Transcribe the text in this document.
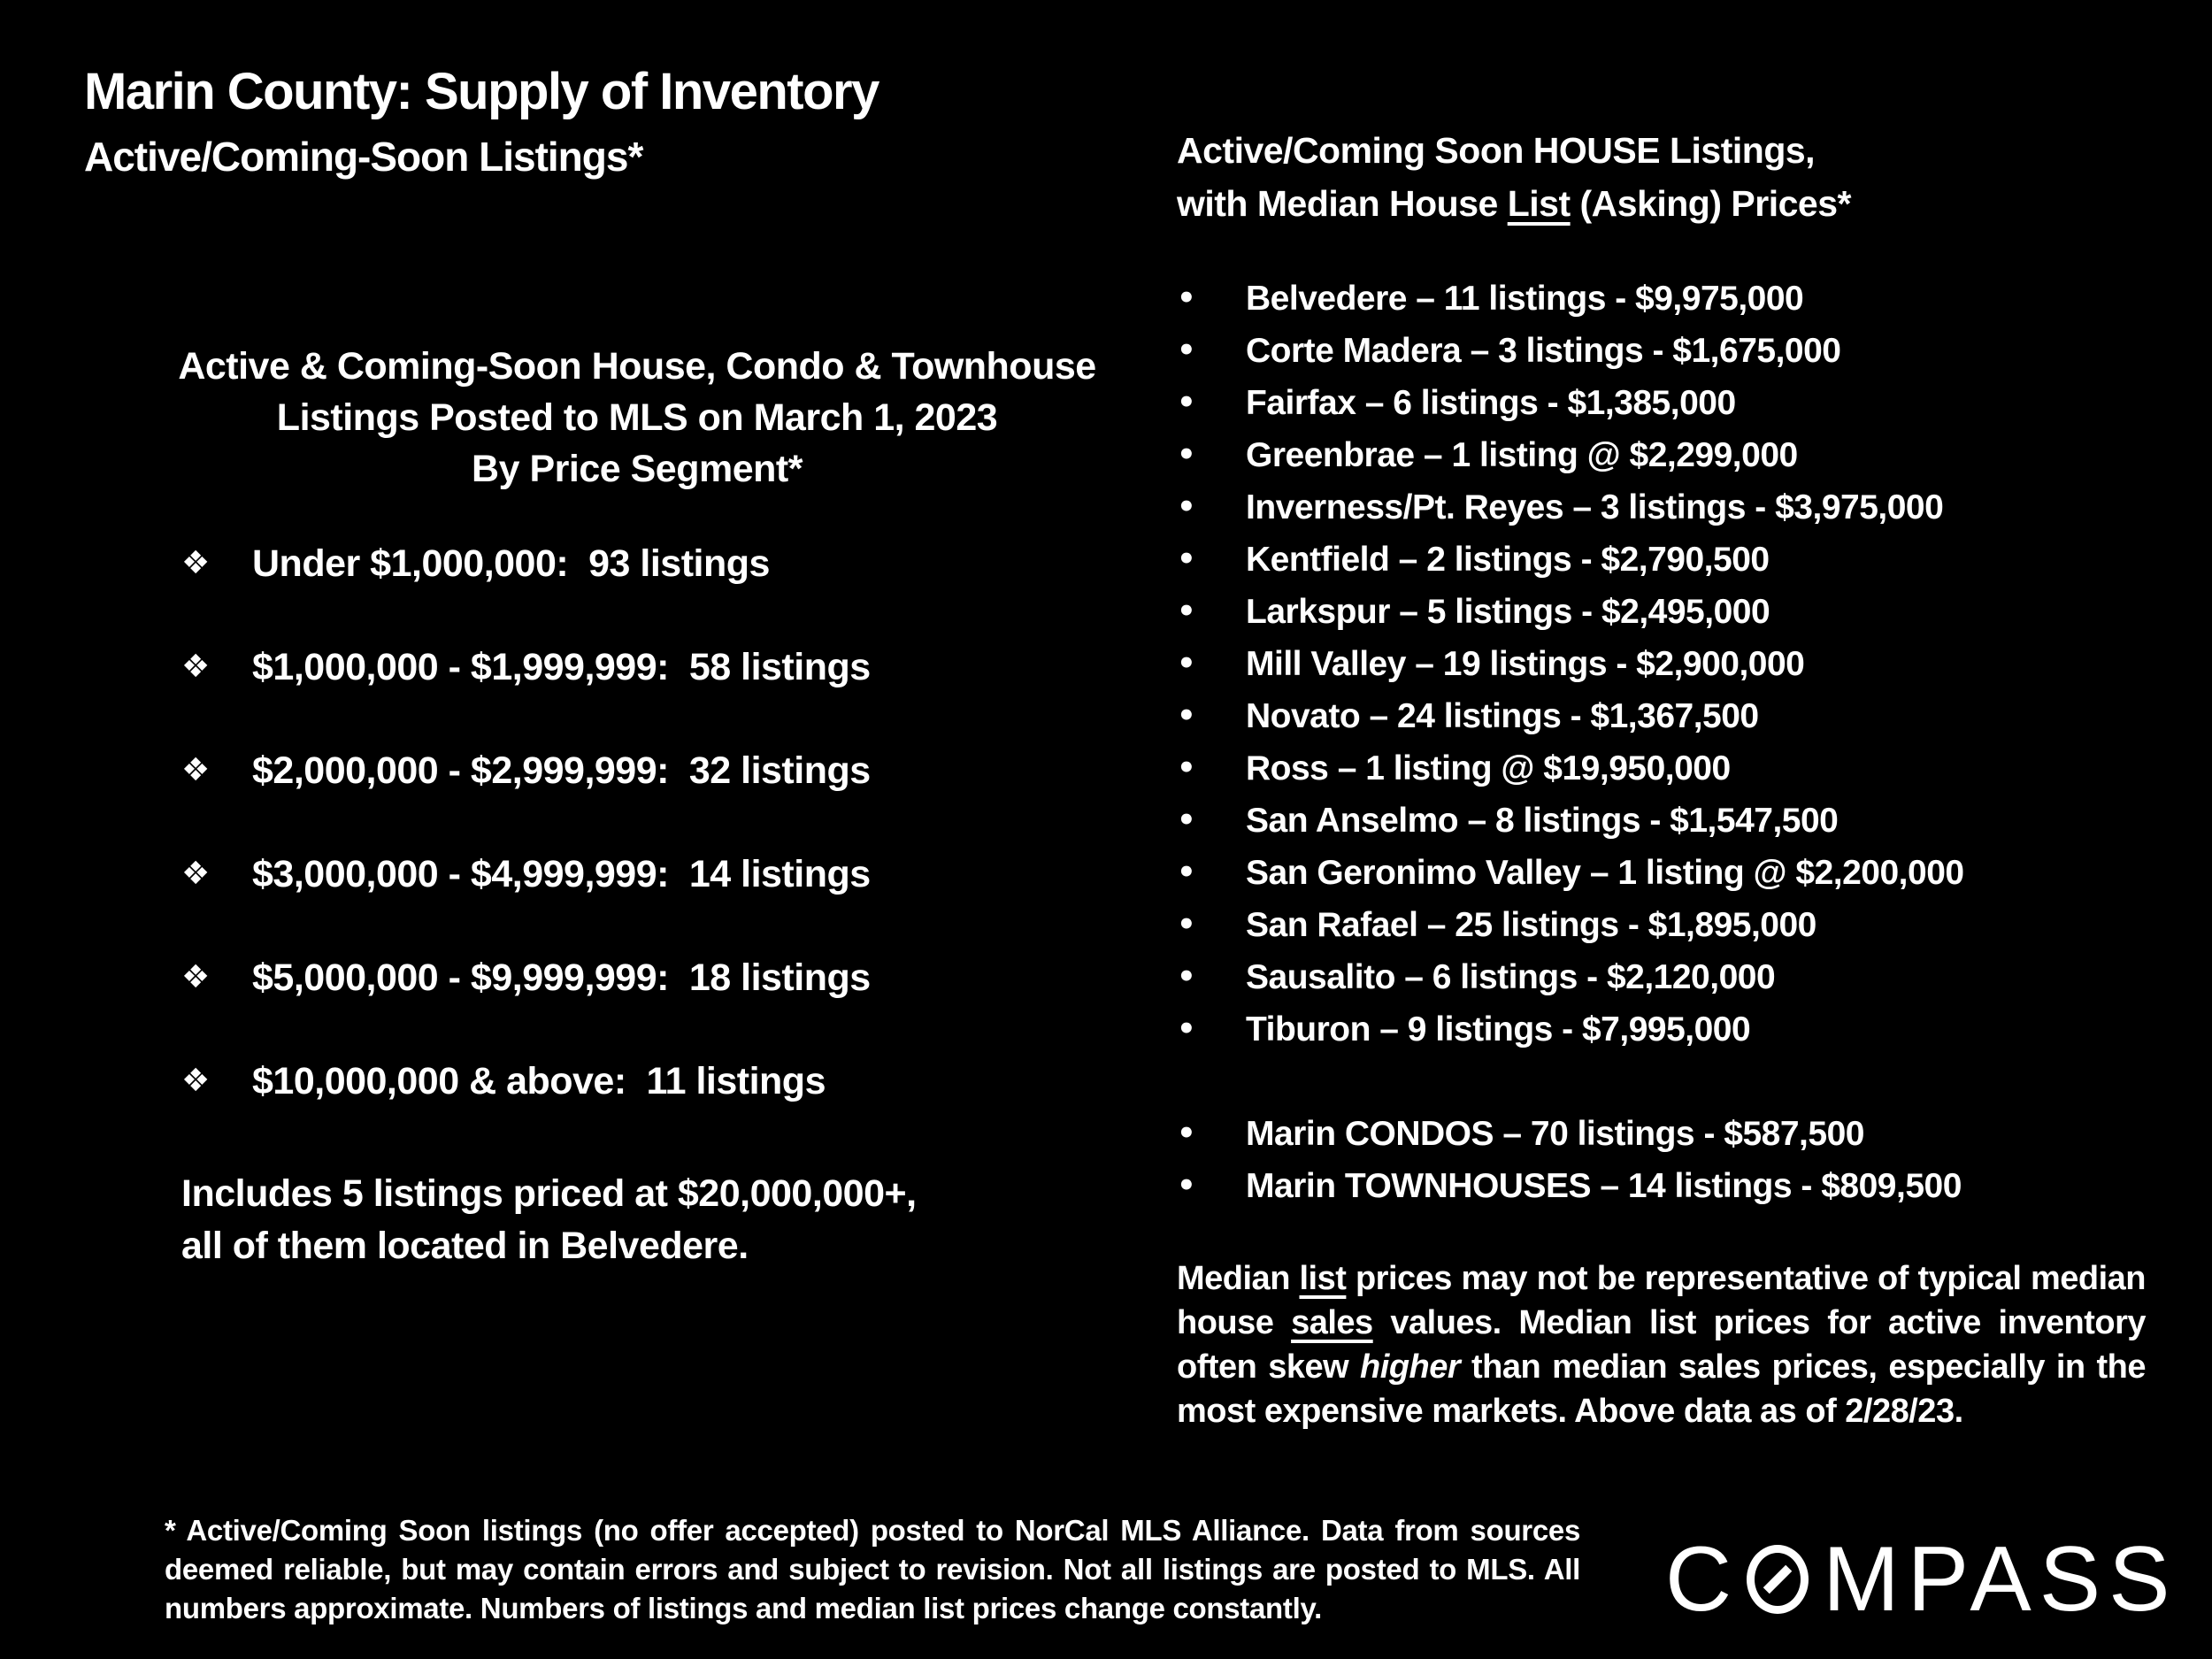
Marin County: Supply of Inventory
Active/Coming-Soon Listings*
Active & Coming-Soon House, Condo & Townhouse
Listings Posted to MLS on March 1, 2023
By Price Segment*
❖	Under $1,000,000:  93 listings
❖	$1,000,000 - $1,999,999:  58 listings
❖	$2,000,000 - $2,999,999:  32 listings
❖	$3,000,000 - $4,999,999:  14 listings
❖	$5,000,000 - $9,999,999:  18 listings
❖	$10,000,000 & above:  11 listings
Includes 5 listings priced at $20,000,000+,
all of them located in Belvedere.
Active/Coming Soon HOUSE Listings,
with Median House List (Asking) Prices*
•	Belvedere – 11 listings - $9,975,000
•	Corte Madera – 3 listings - $1,675,000
•	Fairfax – 6 listings - $1,385,000
•	Greenbrae – 1 listing @ $2,299,000
•	Inverness/Pt. Reyes – 3 listings - $3,975,000
•	Kentfield – 2 listings - $2,790,500
•	Larkspur – 5 listings - $2,495,000
•	Mill Valley – 19 listings - $2,900,000
•	Novato – 24 listings - $1,367,500
•	Ross – 1 listing @ $19,950,000
•	San Anselmo – 8 listings - $1,547,500
•	San Geronimo Valley – 1 listing @ $2,200,000
•	San Rafael – 25 listings - $1,895,000
•	Sausalito – 6 listings - $2,120,000
•	Tiburon – 9 listings - $7,995,000
•	Marin CONDOS – 70 listings - $587,500
•	Marin TOWNHOUSES – 14 listings - $809,500

Median list prices may not be representative of typical median house sales values. Median list prices for active inventory often skew higher than median sales prices, especially in the most expensive markets. Above data as of 2/28/23.

* Active/Coming Soon listings (no offer accepted) posted to NorCal MLS Alliance. Data from sources deemed reliable, but may contain errors and subject to revision. Not all listings are posted to MLS. All numbers approximate. Numbers of listings and median list prices change constantly.	C MPASS
